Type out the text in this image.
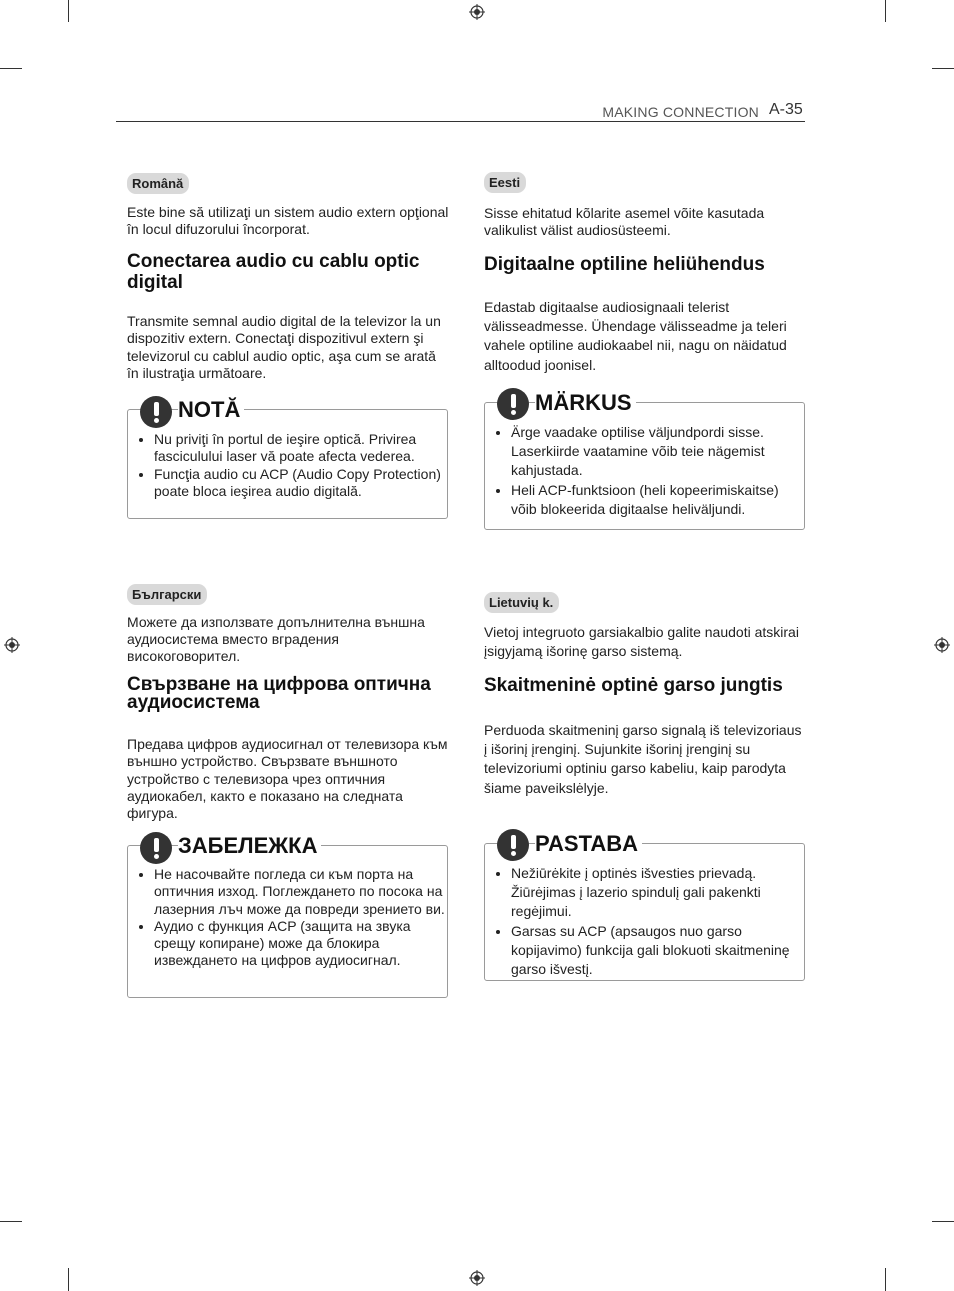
MAKING CONNECTION A-35
Română
Este bine să utilizaţi un sistem audio extern opţional în locul difuzorului încorporat.
Conectarea audio cu cablu optic digital
Transmite semnal audio digital de la televizor la un dispozitiv extern. Conectaţi dispozitivul extern şi televizorul cu cablul audio optic, aşa cum se arată în ilustraţia următoare.
NOTĂ
• Nu priviţi în portul de ieşire optică. Privirea fasciculului laser vă poate afecta vederea.
• Funcţia audio cu ACP (Audio Copy Protection) poate bloca ieşirea audio digitală.
Eesti
Sisse ehitatud kõlarite asemel võite kasutada valikulist välist audiosüsteemi.
Digitaalne optiline heliühendus
Edastab digitaalse audiosignaali telerist välisseadmesse. Ühendage välisseadme ja teleri vahele optiline audiokaabel nii, nagu on näidatud alltoodud joonisel.
MÄRKUS
• Ärge vaadake optilise väljundpordi sisse. Laserkiirde vaatamine võib teie nägemist kahjustada.
• Heli ACP-funktsioon (heli kopeerimiskaitse) võib blokeerida digitaalse heliväljundi.
Български
Можете да използвате допълнителна външна аудиосистема вместо вградения високоговорител.
Свързване на цифрова оптична аудиосистема
Предава цифров аудиосигнал от телевизора към външно устройство. Свързвате външното устройство с телевизора чрез оптичния аудиокабел, както е показано на следната фигура.
ЗАБЕЛЕЖКА
• Не насочвайте погледа си към порта на оптичния изход. Поглеждането по посока на лазерния лъч може да повреди зрението ви.
• Аудио с функция ACP (защита на звука срещу копиране) може да блокира извеждането на цифров аудиосигнал.
Lietuvių k.
Vietoj integruoto garsiakalbio galite naudoti atskirai įsigyjamą išorinę garso sistemą.
Skaitmeninė optinė garso jungtis
Perduoda skaitmeninį garso signalą iš televizoriaus į išorinį įrenginį. Sujunkite išorinį įrenginį su televizoriumi optiniu garso kabeliu, kaip parodyta šiame paveikslėlyje.
PASTABA
• Nežiūrėkite į optinės išvesties prievadą. Žiūrėjimas į lazerio spindulį gali pakenkti regėjimui.
• Garsas su ACP (apsaugos nuo garso kopijavimo) funkcija gali blokuoti skaitmeninę garso išvestį.
